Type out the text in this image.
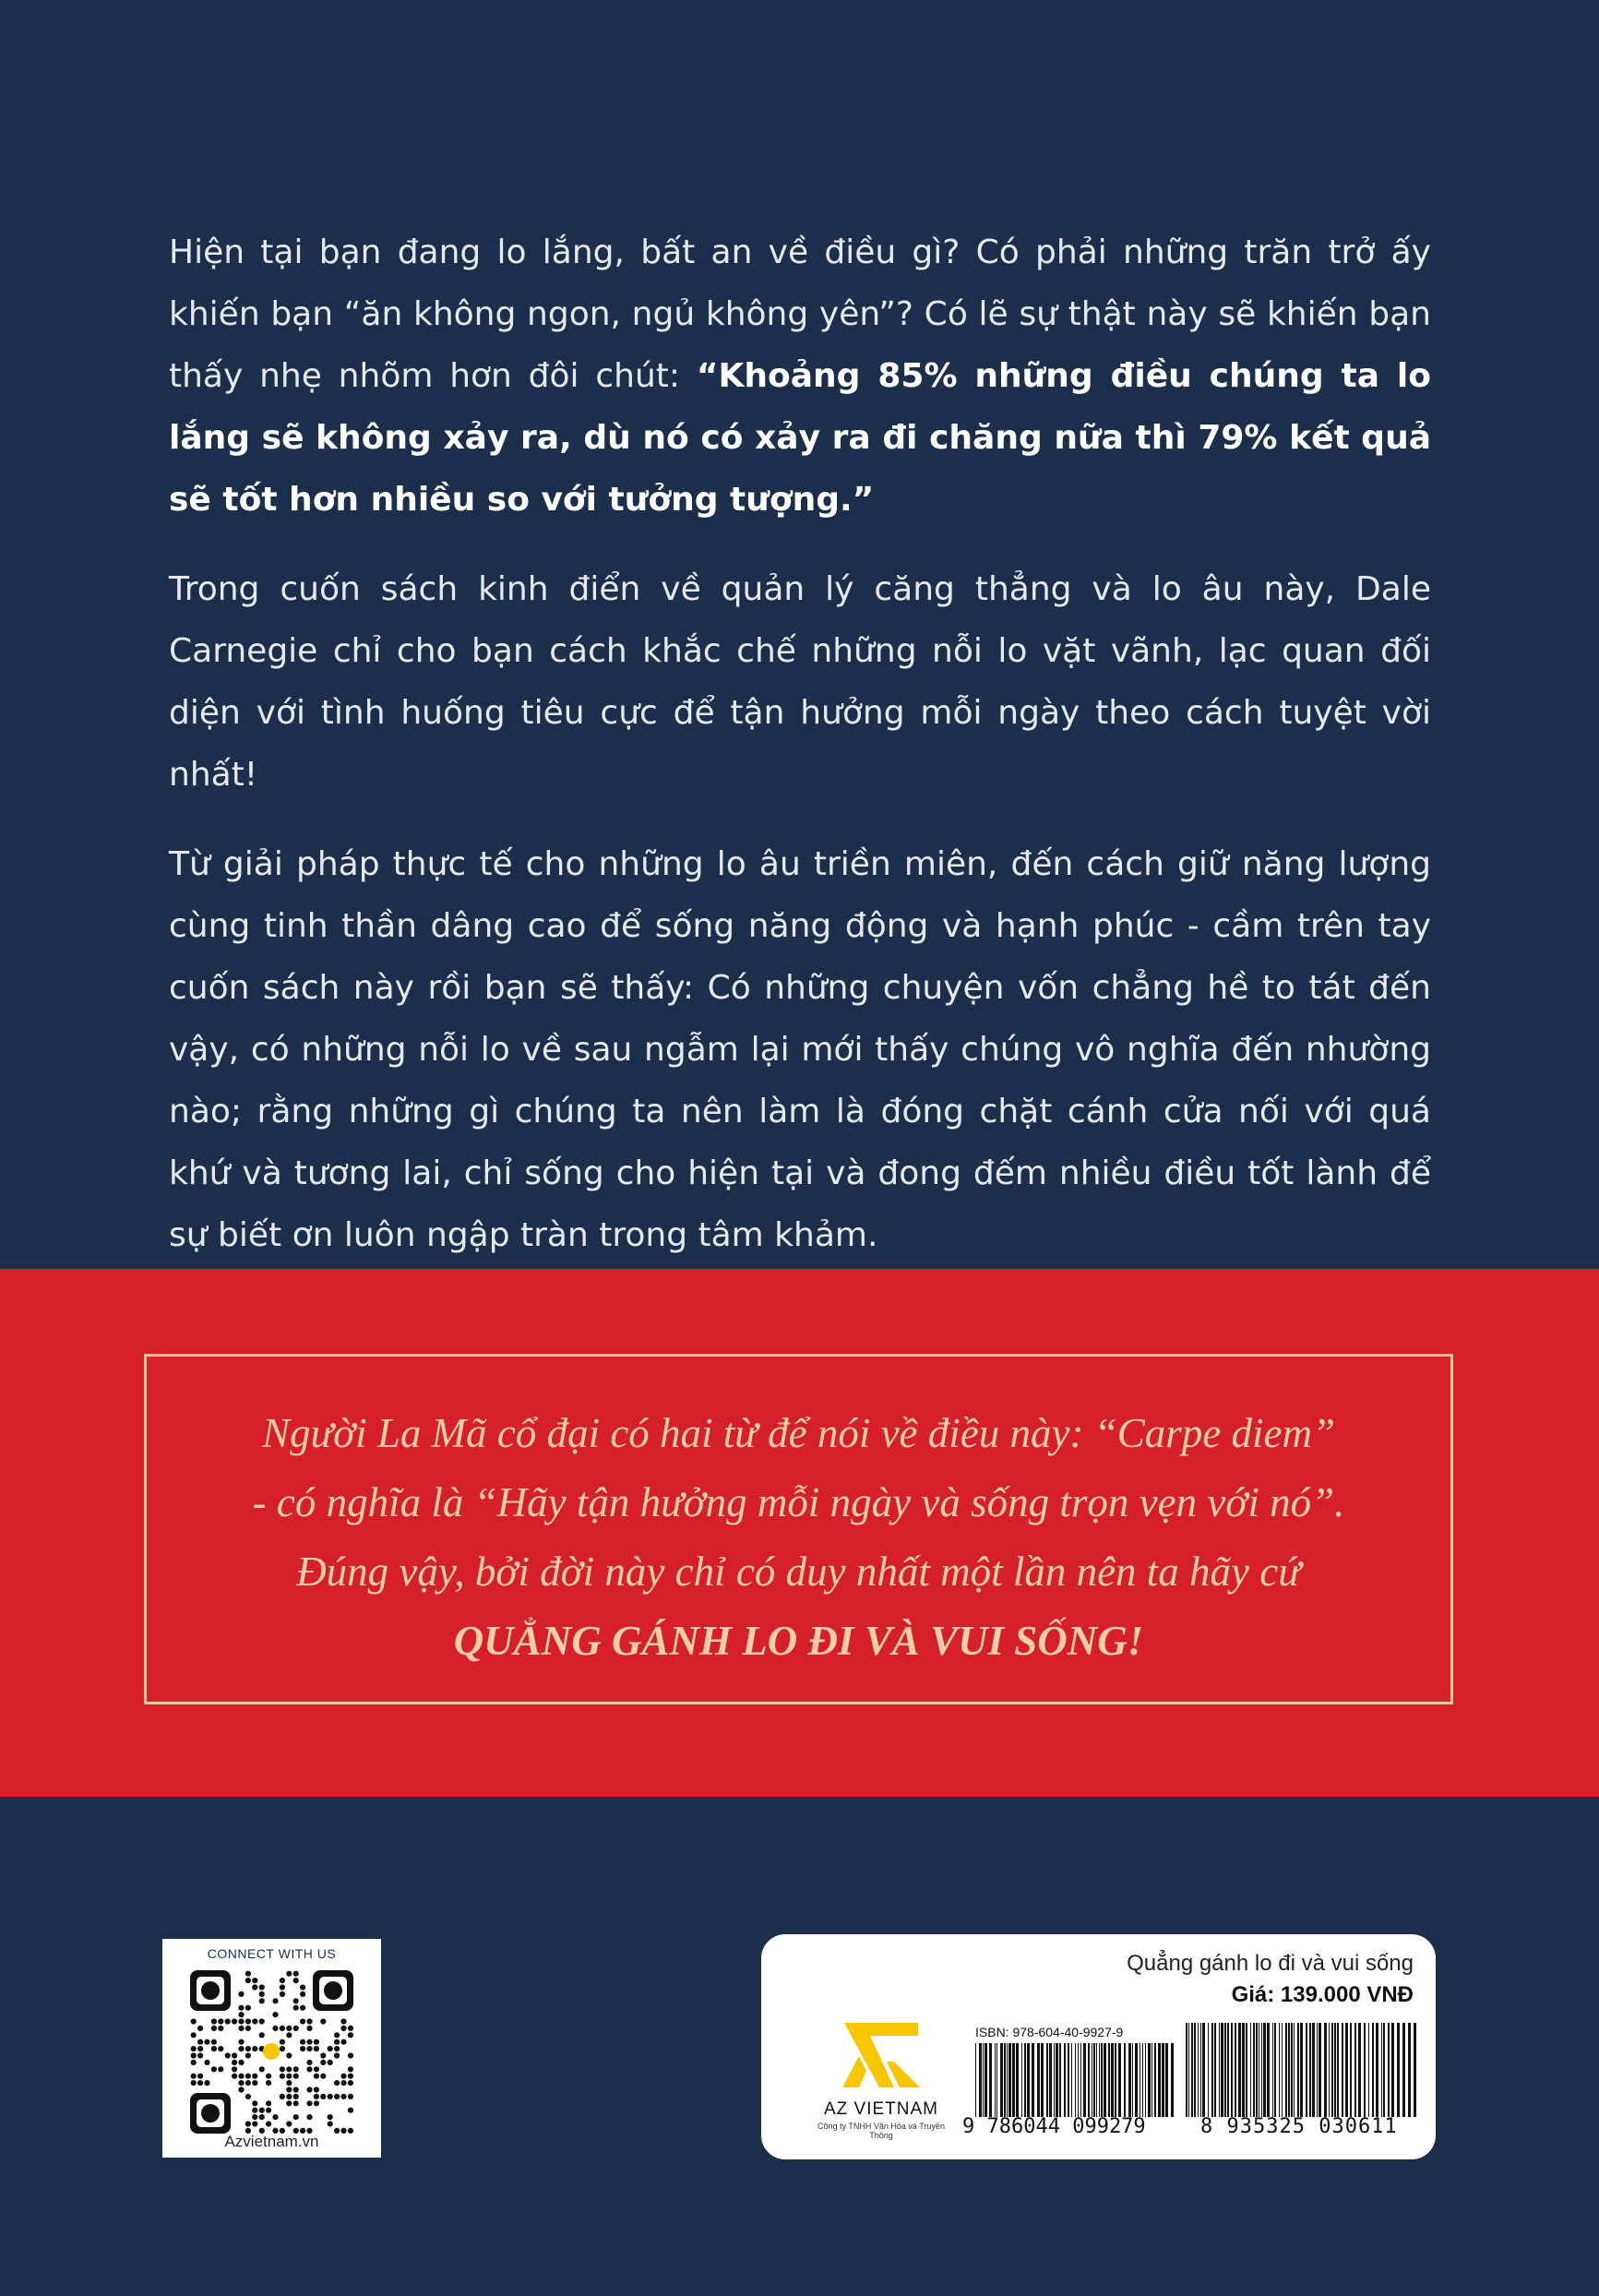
Hiện tại bạn đang lo lắng, bất an về điều gì? Có phải những trăn trở ấy khiến bạn “ăn không ngon, ngủ không yên”? Có lẽ sự thật này sẽ khiến bạn thấy nhẹ nhõm hơn đôi chút: “Khoảng 85% những điều chúng ta lo lắng sẽ không xảy ra, dù nó có xảy ra đi chăng nữa thì 79% kết quả sẽ tốt hơn nhiều so với tưởng tượng.”

Trong cuốn sách kinh điển về quản lý căng thẳng và lo âu này, Dale Carnegie chỉ cho bạn cách khắc chế những nỗi lo vặt vãnh, lạc quan đối diện với tình huống tiêu cực để tận hưởng mỗi ngày theo cách tuyệt vời nhất!

Từ giải pháp thực tế cho những lo âu triền miên, đến cách giữ năng lượng cùng tinh thần dâng cao để sống năng động và hạnh phúc - cầm trên tay cuốn sách này rồi bạn sẽ thấy: Có những chuyện vốn chẳng hề to tát đến vậy, có những nỗi lo về sau ngẫm lại mới thấy chúng vô nghĩa đến nhường nào; rằng những gì chúng ta nên làm là đóng chặt cánh cửa nối với quá khứ và tương lai, chỉ sống cho hiện tại và đong đếm nhiều điều tốt lành để sự biết ơn luôn ngập tràn trong tâm khảm.

Người La Mã cổ đại có hai từ để nói về điều này: “Carpe diem”
- có nghĩa là “Hãy tận hưởng mỗi ngày và sống trọn vẹn với nó”.
Đúng vậy, bởi đời này chỉ có duy nhất một lần nên ta hãy cứ
QUẲNG GÁNH LO ĐI VÀ VUI SỐNG!
CONNECT WITH US
Azvietnam.vn
Quẳng gánh lo đi và vui sống
Giá: 139.000 VNĐ
AZ VIETNAM
Công ty TNHH Văn Hóa và Truyền Thông
ISBN: 978-604-40-9927-9
9 786044 099279	8 935325 030611
